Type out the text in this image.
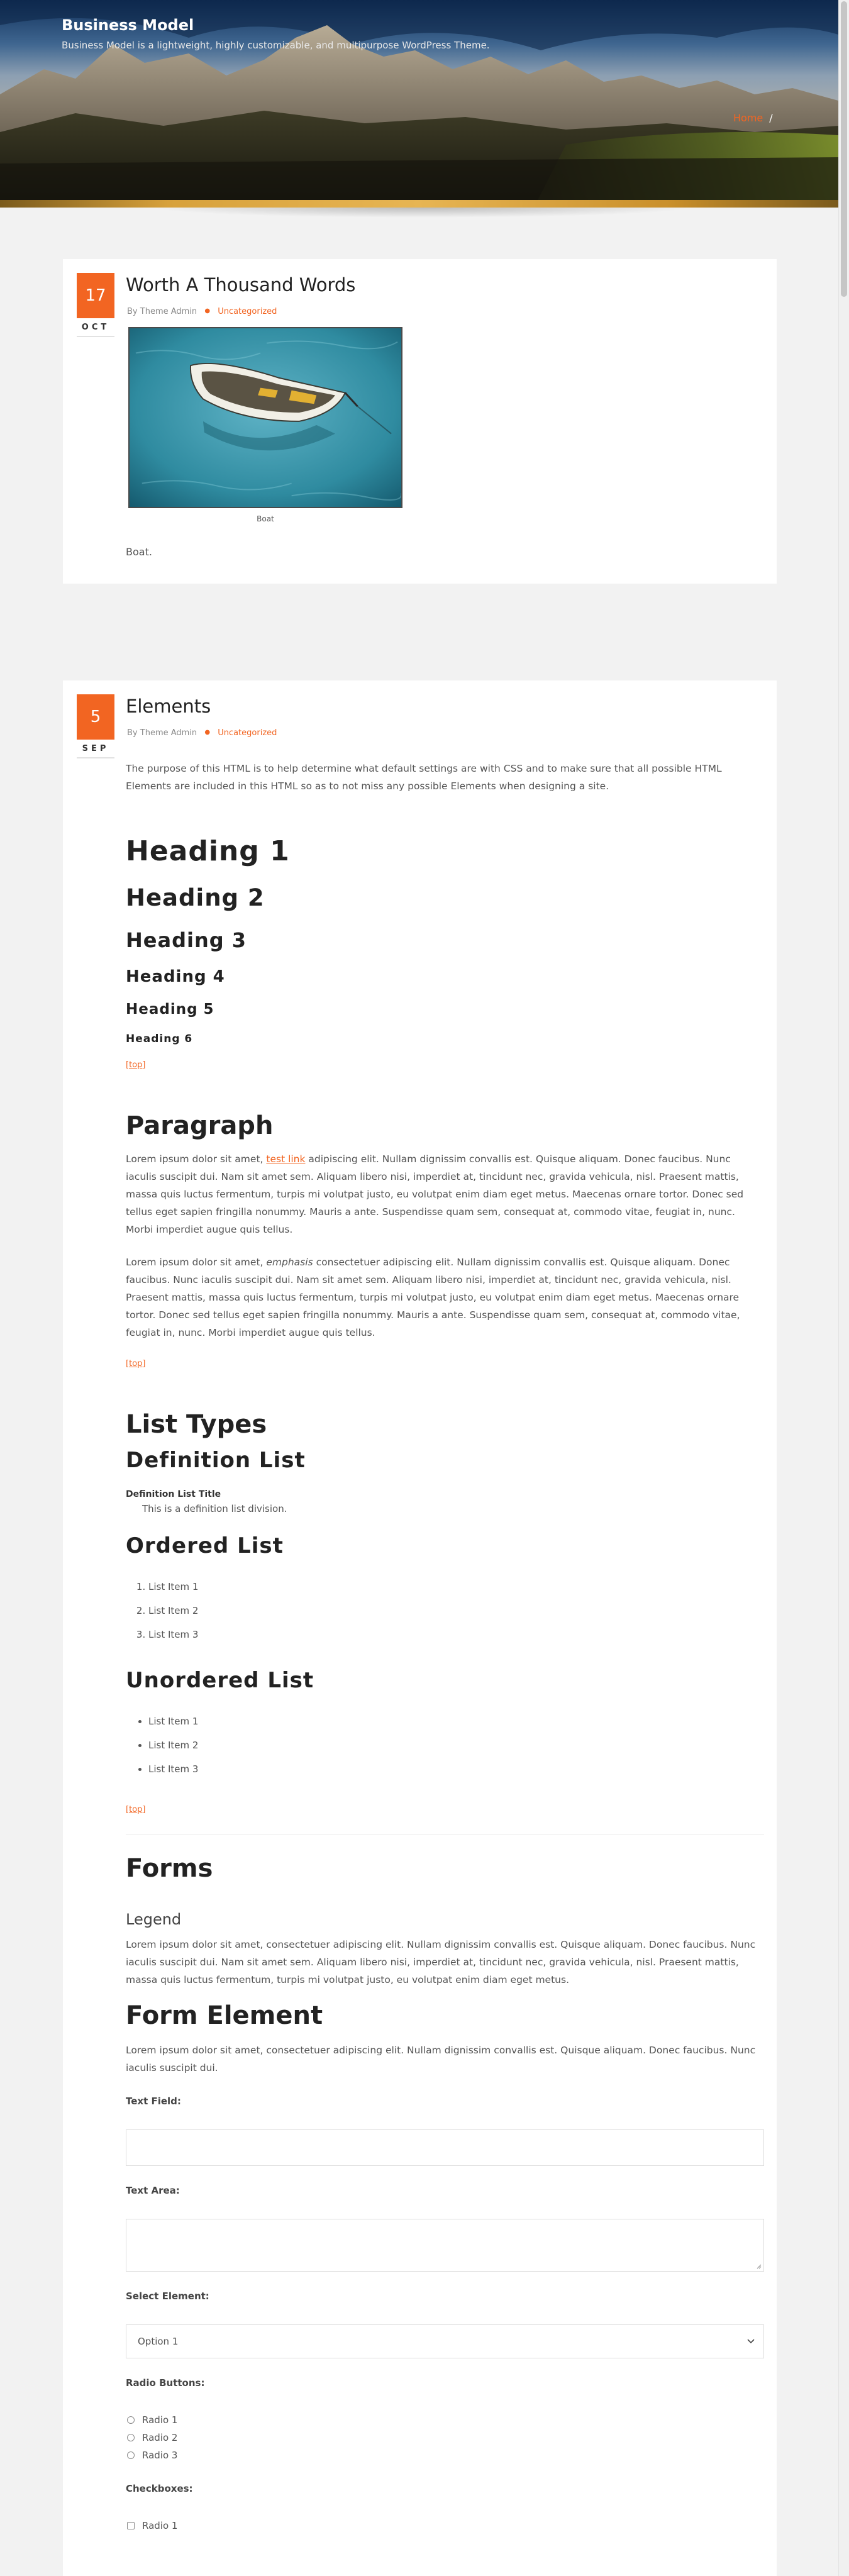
Business Model
Business Model is a lightweight, highly customizable, and multipurpose WordPress Theme.
Home /
17
OCT
Worth A Thousand Words
By Theme Admin ● Uncategorized
Boat

Boat.

5
SEP
Elements
By Theme Admin ● Uncategorized

The purpose of this HTML is to help determine what default settings are with CSS and to make sure that all possible HTML Elements are included in this HTML so as to not miss any possible Elements when designing a site.

Heading 1
Heading 2
Heading 3
Heading 4
Heading 5
Heading 6
[top]
Paragraph

Lorem ipsum dolor sit amet, test link adipiscing elit. Nullam dignissim convallis est. Quisque aliquam. Donec faucibus. Nunc iaculis suscipit dui. Nam sit amet sem. Aliquam libero nisi, imperdiet at, tincidunt nec, gravida vehicula, nisl. Praesent mattis, massa quis luctus fermentum, turpis mi volutpat justo, eu volutpat enim diam eget metus. Maecenas ornare tortor. Donec sed tellus eget sapien fringilla nonummy. Mauris a ante. Suspendisse quam sem, consequat at, commodo vitae, feugiat in, nunc. Morbi imperdiet augue quis tellus.

Lorem ipsum dolor sit amet, emphasis consectetuer adipiscing elit. Nullam dignissim convallis est. Quisque aliquam. Donec faucibus. Nunc iaculis suscipit dui. Nam sit amet sem. Aliquam libero nisi, imperdiet at, tincidunt nec, gravida vehicula, nisl. Praesent mattis, massa quis luctus fermentum, turpis mi volutpat justo, eu volutpat enim diam eget metus. Maecenas ornare tortor. Donec sed tellus eget sapien fringilla nonummy. Mauris a ante. Suspendisse quam sem, consequat at, commodo vitae, feugiat in, nunc. Morbi imperdiet augue quis tellus.

[top]
List Types
Definition List
Definition List Title
This is a definition list division.
Ordered List
1. List Item 1
2. List Item 2
3. List Item 3
Unordered List
• List Item 1
• List Item 2
• List Item 3
[top]
Forms
Legend

Lorem ipsum dolor sit amet, consectetuer adipiscing elit. Nullam dignissim convallis est. Quisque aliquam. Donec faucibus. Nunc iaculis suscipit dui. Nam sit amet sem. Aliquam libero nisi, imperdiet at, tincidunt nec, gravida vehicula, nisl. Praesent mattis, massa quis luctus fermentum, turpis mi volutpat justo, eu volutpat enim diam eget metus.

Form Element

Lorem ipsum dolor sit amet, consectetuer adipiscing elit. Nullam dignissim convallis est. Quisque aliquam. Donec faucibus. Nunc iaculis suscipit dui.

Text Field:
Text Area:
Select Element:
Option 1
Radio Buttons:
Radio 1
Radio 2
Radio 3
Checkboxes:
Radio 1
